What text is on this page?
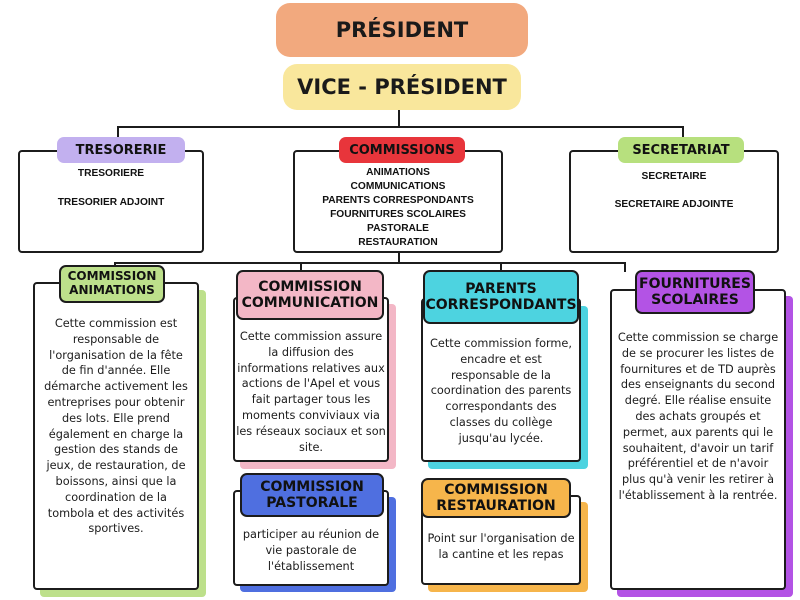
PRÉSIDENT
VICE - PRÉSIDENT
TRESORERIE	COMMISSIONS	SECRETARIAT
TRESORIERE
TRESORIER ADJOINT
ANIMATIONS
COMMUNICATIONS
PARENTS CORRESPONDANTS
FOURNITURES SCOLAIRES
PASTORALE
RESTAURATION
SECRETAIRE
SECRETAIRE ADJOINTE
COMMISSION
ANIMATIONS
Cette commission est responsable de l'organisation de la fête de fin d'année. Elle démarche activement les entreprises pour obtenir des lots. Elle prend également en charge la gestion des stands de jeux, de restauration, de boissons, ainsi que la coordination de la tombola et des activités sportives.
COMMISSION
COMMUNICATION
Cette commission assure la diffusion des informations relatives aux actions de l'Apel et vous fait partager tous les moments conviviaux via les réseaux sociaux et son site.
PARENTS
CORRESPONDANTS
Cette commission forme, encadre et est responsable de la coordination des parents correspondants des classes du collège jusqu'au lycée.
FOURNITURES
SCOLAIRES
Cette commission se charge de se procurer les listes de fournitures et de TD auprès des enseignants du second degré. Elle réalise ensuite des achats groupés et permet, aux parents qui le souhaitent, d'avoir un tarif préférentiel et de n'avoir plus qu'à venir les retirer à l'établissement à la rentrée.
COMMISSION
PASTORALE
participer au réunion de vie pastorale de l'établissement
COMMISSION
RESTAURATION
Point sur l'organisation de la cantine et les repas
